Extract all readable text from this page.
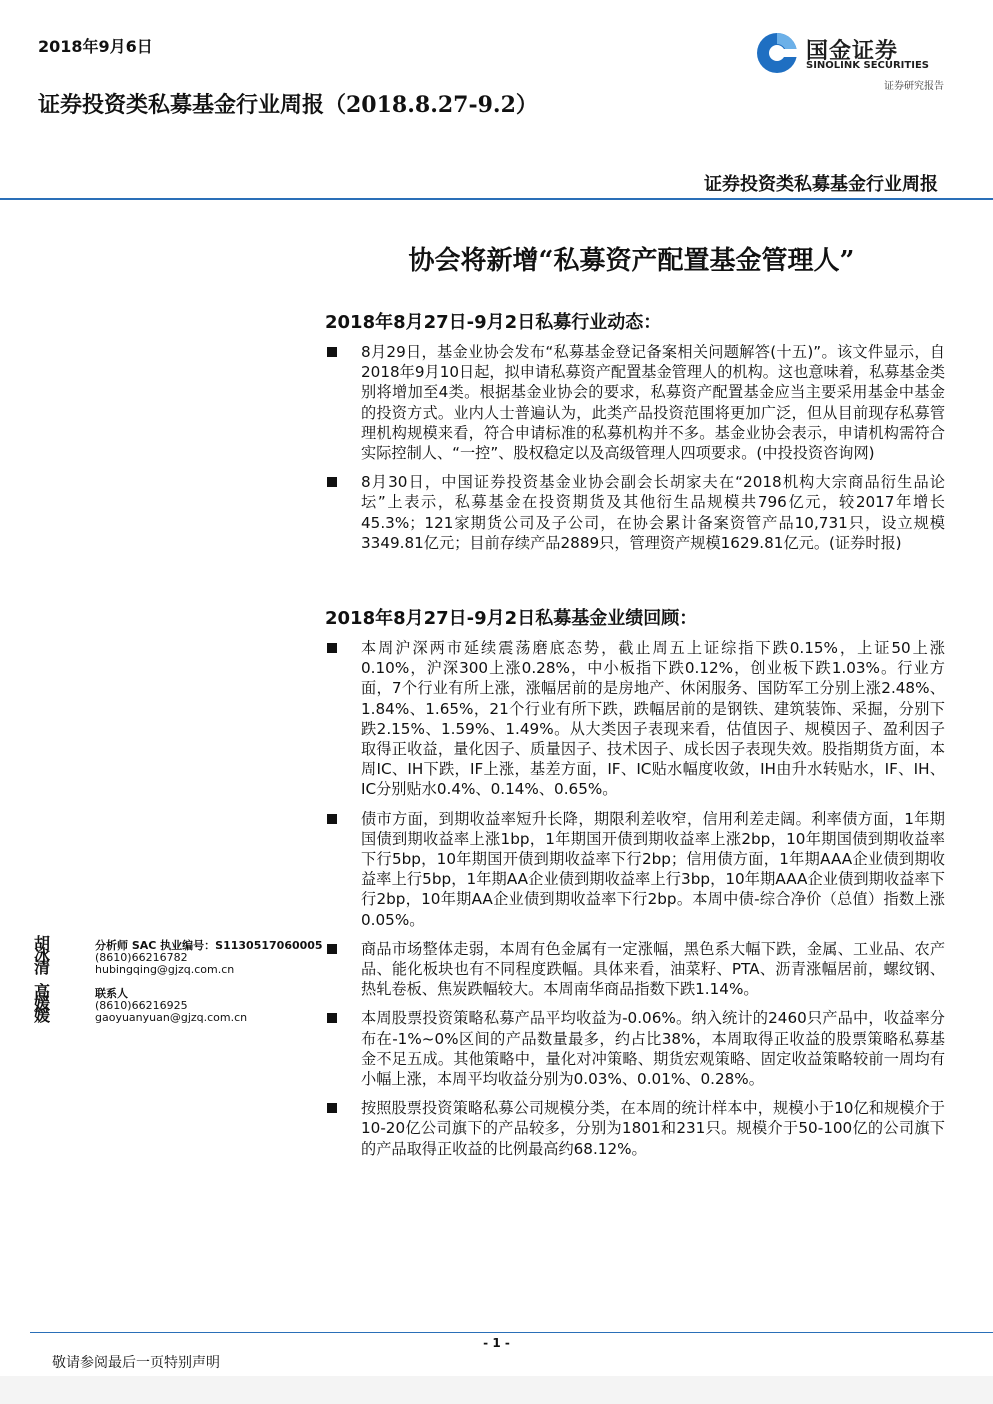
2018年9月6日	国金证券
SINOLINK SECURITIES
证券研究报告
证券投资类私募基金行业周报（2018.8.27-9.2）
证券投资类私募基金行业周报
协会将新增“私募资产配置基金管理人”
2018年8月27日-9月2日私募行业动态：
8月29日，基金业协会发布“私募基金登记备案相关问题解答(十五)”。该文件显示，自2018年9月10日起，拟申请私募资产配置基金管理人的机构。这也意味着，私募基金类别将增加至4类。根据基金业协会的要求，私募资产配置基金应当主要采用基金中基金的投资方式。业内人士普遍认为，此类产品投资范围将更加广泛，但从目前现存私募管理机构规模来看，符合申请标准的私募机构并不多。基金业协会表示，申请机构需符合实际控制人、“一控”、股权稳定以及高级管理人四项要求。(中投投资咨询网)
8月30日，中国证券投资基金业协会副会长胡家夫在“2018机构大宗商品衍生品论坛”上表示，私募基金在投资期货及其他衍生品规模共796亿元，较2017年增长45.3%；121家期货公司及子公司，在协会累计备案资管产品10,731只，设立规模3349.81亿元；目前存续产品2889只，管理资产规模1629.81亿元。(证券时报)
2018年8月27日-9月2日私募基金业绩回顾：
本周沪深两市延续震荡磨底态势，截止周五上证综指下跌0.15%，上证50上涨0.10%，沪深300上涨0.28%，中小板指下跌0.12%，创业板下跌1.03%。行业方面，7个行业有所上涨，涨幅居前的是房地产、休闲服务、国防军工分别上涨2.48%、1.84%、1.65%，21个行业有所下跌，跌幅居前的是钢铁、建筑装饰、采掘，分别下跌2.15%、1.59%、1.49%。从大类因子表现来看，估值因子、规模因子、盈利因子取得正收益，量化因子、质量因子、技术因子、成长因子表现失效。股指期货方面，本周IC、IH下跌，IF上涨，基差方面，IF、IC贴水幅度收敛，IH由升水转贴水，IF、IH、IC分别贴水0.4%、0.14%、0.65%。
债市方面，到期收益率短升长降，期限利差收窄，信用利差走阔。利率债方面，1年期国债到期收益率上涨1bp，1年期国开债到期收益率上涨2bp，10年期国债到期收益率下行5bp，10年期国开债到期收益率下行2bp；信用债方面，1年期AAA企业债到期收益率上行5bp，1年期AA企业债到期收益率上行3bp，10年期AAA企业债到期收益率下行2bp，10年期AA企业债到期收益率下行2bp。本周中债-综合净价（总值）指数上涨0.05%。
商品市场整体走弱，本周有色金属有一定涨幅，黑色系大幅下跌，金属、工业品、农产品、能化板块也有不同程度跌幅。具体来看，油菜籽、PTA、沥青涨幅居前，螺纹钢、热轧卷板、焦炭跌幅较大。本周南华商品指数下跌1.14%。
本周股票投资策略私募产品平均收益为-0.06%。纳入统计的2460只产品中，收益率分布在-1%~0%区间的产品数量最多，约占比38%，本周取得正收益的股票策略私募基金不足五成。其他策略中，量化对冲策略、期货宏观策略、固定收益策略较前一周均有小幅上涨，本周平均收益分别为0.03%、0.01%、0.28%。
按照股票投资策略私募公司规模分类，在本周的统计样本中，规模小于10亿和规模介于10-20亿公司旗下的产品较多，分别为1801和231只。规模介于50-100亿的公司旗下的产品取得正收益的比例最高约68.12%。
胡冰清
分析师 SAC 执业编号：S1130517060005
(8610)66216782
hubingqing@gjzq.com.cn
高媛媛
联系人
(8610)66216925
gaoyuanyuan@gjzq.com.cn
- 1 -
敬请参阅最后一页特别声明
